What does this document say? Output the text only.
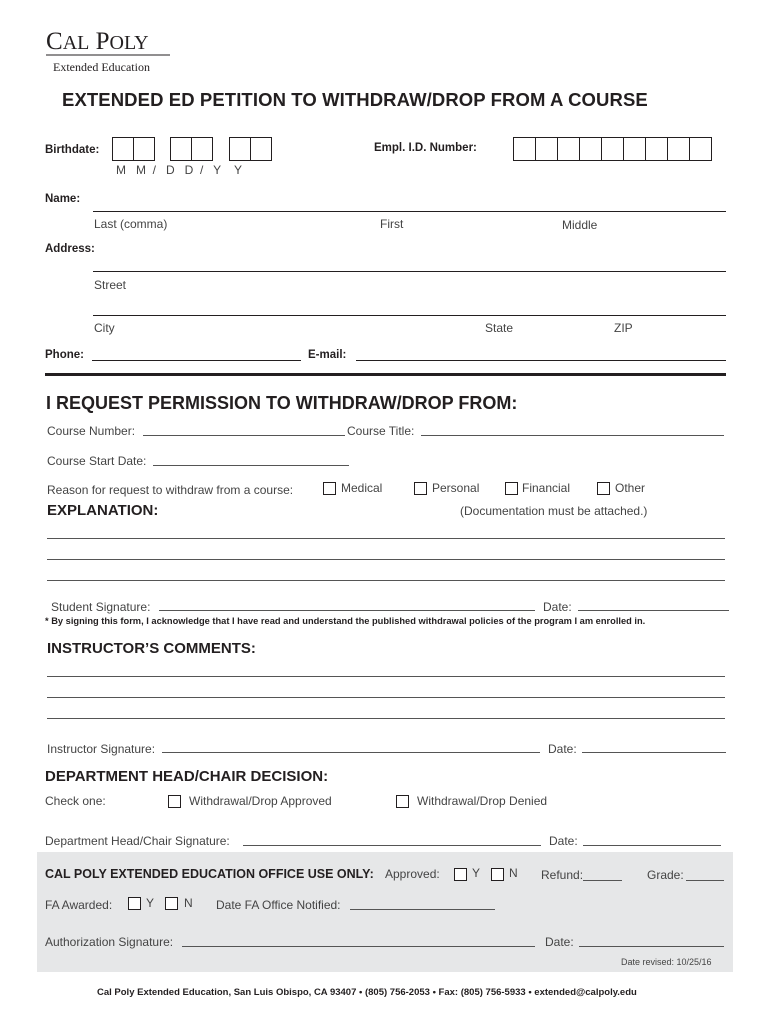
CAL POLY
Extended Education
EXTENDED ED PETITION TO WITHDRAW/DROP FROM A COURSE
Birthdate:
M   M  /   D   D  /   Y    Y
Empl. I.D. Number:
Name:
Last (comma)	First	Middle
Address:
Street
City	State	ZIP
Phone:	E-mail:
I REQUEST PERMISSION TO WITHDRAW/DROP FROM:
Course Number:	Course Title:
Course Start Date:
Reason for request to withdraw from a course:	Medical	Personal	Financial	Other
EXPLANATION:	(Documentation must be attached.)
Student Signature:	Date:
* By signing this form, I acknowledge that I have read and understand the published withdrawal policies of the program I am enrolled in.
INSTRUCTOR’S COMMENTS:
Instructor Signature:	Date:
DEPARTMENT HEAD/CHAIR DECISION:
Check one:	Withdrawal/Drop Approved	Withdrawal/Drop Denied
Department Head/Chair Signature:	Date:
CAL POLY EXTENDED EDUCATION OFFICE USE ONLY: Approved:	Y N Refund:	Grade:
FA Awarded:	Y N Date FA Office Notified:
Authorization Signature:	Date:
Date revised: 10/25/16
Cal Poly Extended Education, San Luis Obispo, CA 93407 • (805) 756-2053 • Fax: (805) 756-5933 • extended@calpoly.edu
